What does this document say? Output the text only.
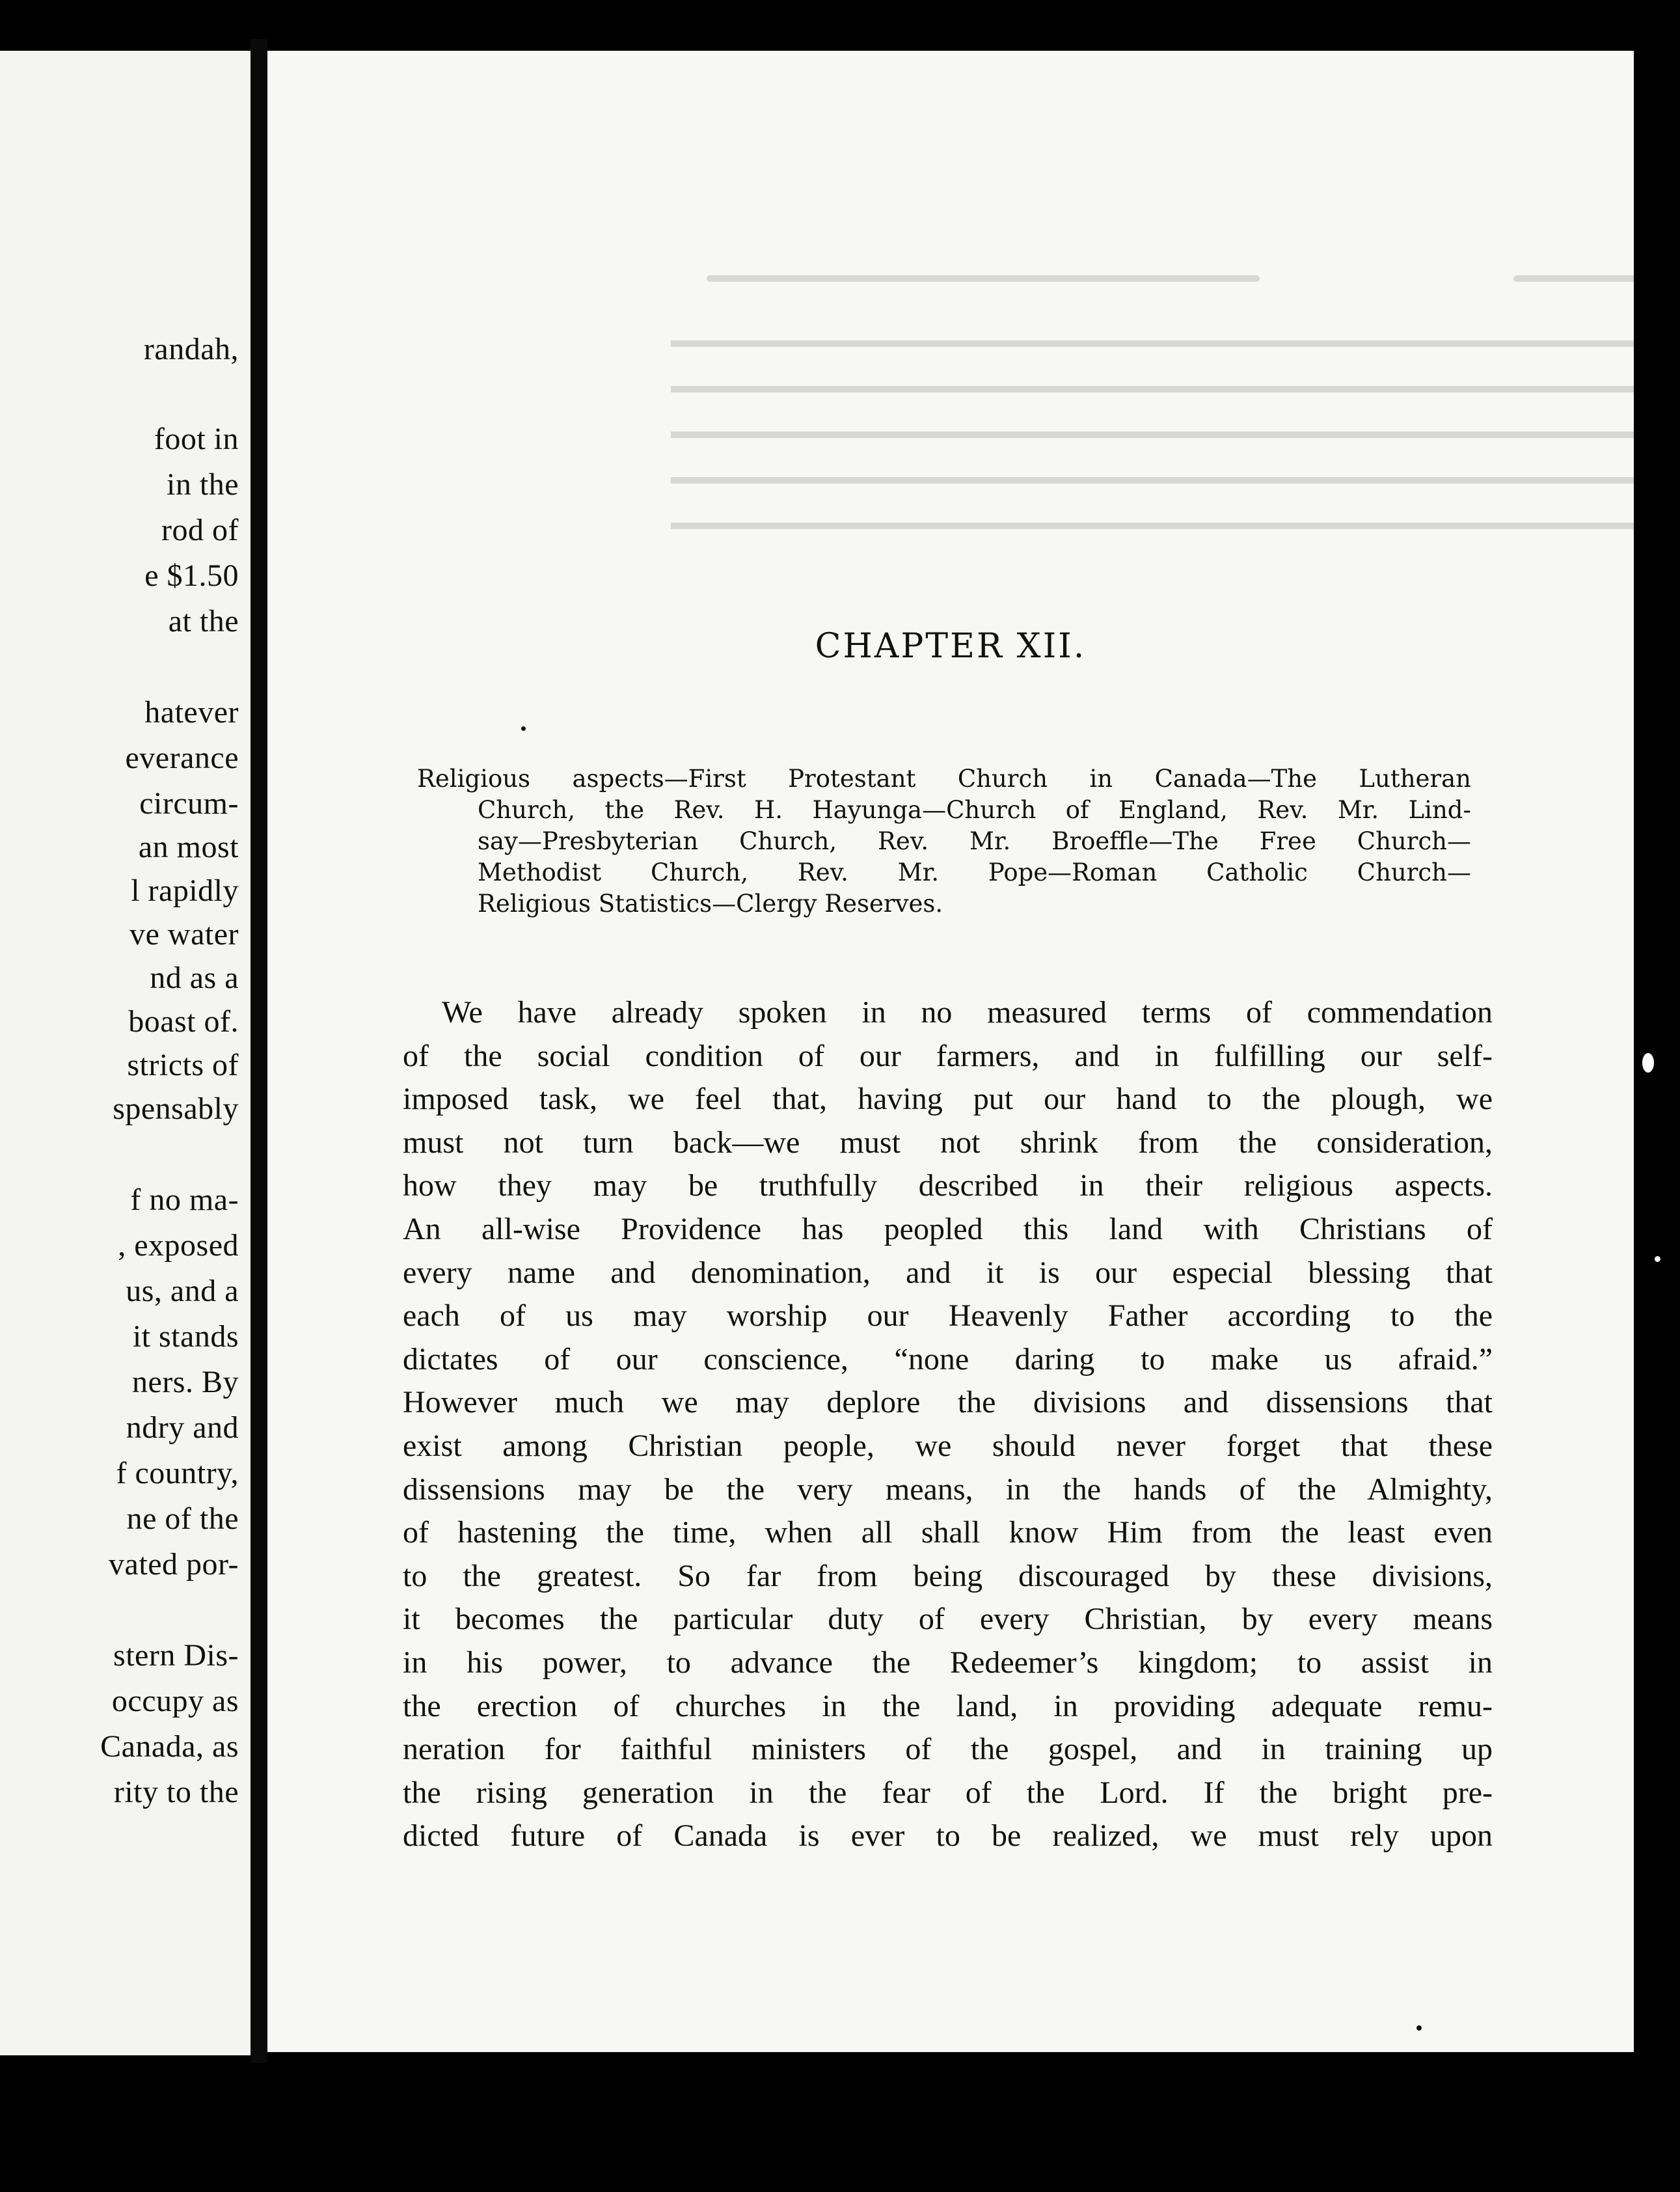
randah,
foot in
in the
rod of
e $1.50
at the
hatever
everance
circum-
an most
l rapidly
ve water
nd as a
boast of.
stricts of
spensably
f no ma-
, exposed
us, and a
it stands
ners. By
ndry and
f country,
ne of the
vated por-
stern Dis-
occupy as
Canada, as
rity to the
CHAPTER XII.
Religious aspects—First Protestant Church in Canada—The Lutheran
Church, the Rev. H. Hayunga—Church of England, Rev. Mr. Lind-
say—Presbyterian Church, Rev. Mr. Broeffle—The Free Church—
Methodist Church, Rev. Mr. Pope—Roman Catholic Church—
Religious Statistics—Clergy Reserves.
We have already spoken in no measured terms of commendation
of the social condition of our farmers, and in fulfilling our self-
imposed task, we feel that, having put our hand to the plough, we
must not turn back—we must not shrink from the consideration,
how they may be truthfully described in their religious aspects.
An all-wise Providence has peopled this land with Christians of
every name and denomination, and it is our especial blessing that
each of us may worship our Heavenly Father according to the
dictates of our conscience, “none daring to make us afraid.”
However much we may deplore the divisions and dissensions that
exist among Christian people, we should never forget that these
dissensions may be the very means, in the hands of the Almighty,
of hastening the time, when all shall know Him from the least even
to the greatest. So far from being discouraged by these divisions,
it becomes the particular duty of every Christian, by every means
in his power, to advance the Redeemer’s kingdom; to assist in
the erection of churches in the land, in providing adequate remu-
neration for faithful ministers of the gospel, and in training up
the rising generation in the fear of the Lord. If the bright pre-
dicted future of Canada is ever to be realized, we must rely upon
